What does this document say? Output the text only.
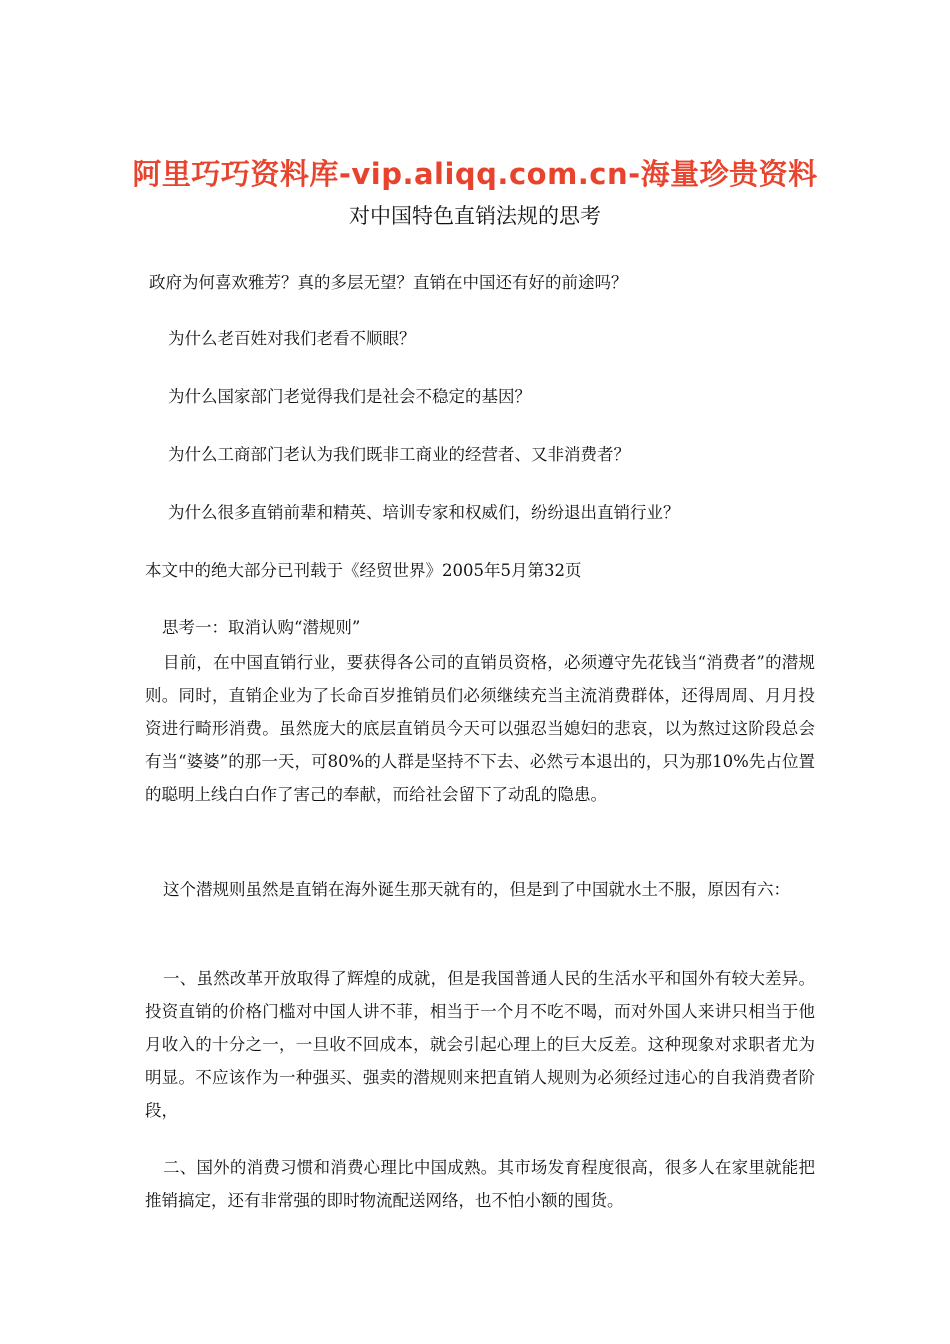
阿里巧巧资料库-vip.aliqq.com.cn-海量珍贵资料
对中国特色直销法规的思考
政府为何喜欢雅芳？真的多层无望？直销在中国还有好的前途吗？
为什么老百姓对我们老看不顺眼？
为什么国家部门老觉得我们是社会不稳定的基因？
为什么工商部门老认为我们既非工商业的经营者、又非消费者？
为什么很多直销前辈和精英、培训专家和权威们，纷纷退出直销行业？
本文中的绝大部分已刊载于《经贸世界》2005年5月第32页
思考一：取消认购“潜规则”
目前，在中国直销行业，要获得各公司的直销员资格，必须遵守先花钱当“消费者”的潜规则。同时，直销企业为了长命百岁推销员们必须继续充当主流消费群体，还得周周、月月投资进行畸形消费。虽然庞大的底层直销员今天可以强忍当媳妇的悲哀，以为熬过这阶段总会有当“婆婆”的那一天，可80%的人群是坚持不下去、必然亏本退出的，只为那10%先占位置的聪明上线白白作了害己的奉献，而给社会留下了动乱的隐患。
这个潜规则虽然是直销在海外诞生那天就有的，但是到了中国就水土不服，原因有六：
一、虽然改革开放取得了辉煌的成就，但是我国普通人民的生活水平和国外有较大差异。投资直销的价格门槛对中国人讲不菲，相当于一个月不吃不喝，而对外国人来讲只相当于他月收入的十分之一，一旦收不回成本，就会引起心理上的巨大反差。这种现象对求职者尤为明显。不应该作为一种强买、强卖的潜规则来把直销人规则为必须经过违心的自我消费者阶段，
二、国外的消费习惯和消费心理比中国成熟。其市场发育程度很高，很多人在家里就能把推销搞定，还有非常强的即时物流配送网络，也不怕小额的囤货。
